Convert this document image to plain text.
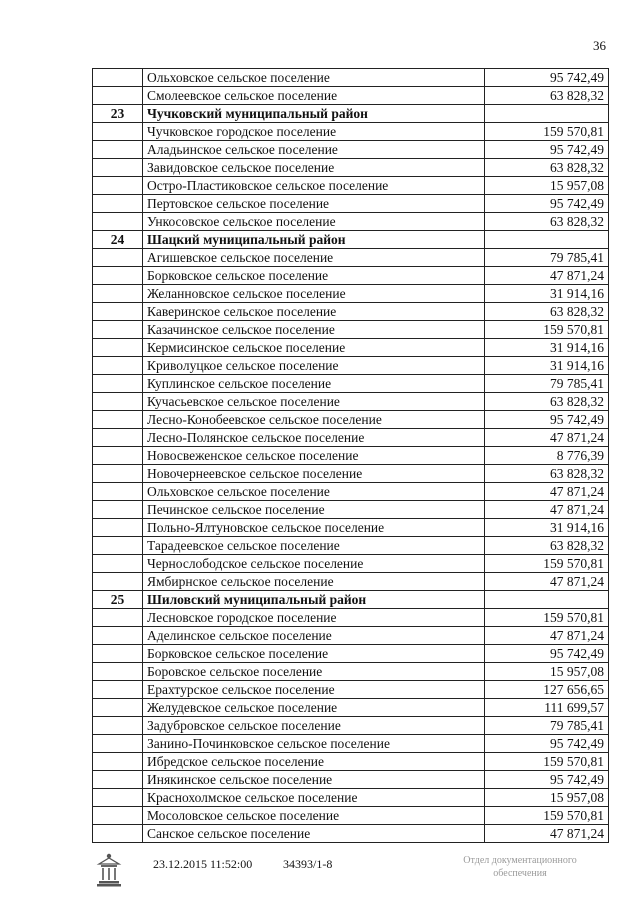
36
	Ольховское сельское поселение	95 742,49
	Смолеевское сельское поселение	63 828,32
23	Чучковский муниципальный район	
	Чучковское городское поселение	159 570,81
	Аладьинское сельское поселение	95 742,49
	Завидовское сельское поселение	63 828,32
	Остро-Пластиковское сельское поселение	15 957,08
	Пертовское сельское поселение	95 742,49
	Ункосовское сельское поселение	63 828,32
24	Шацкий муниципальный район	
	Агишевское сельское поселение	79 785,41
	Борковское сельское поселение	47 871,24
	Желанновское сельское поселение	31 914,16
	Каверинское сельское поселение	63 828,32
	Казачинское сельское поселение	159 570,81
	Кермисинское сельское поселение	31 914,16
	Криволуцкое сельское поселение	31 914,16
	Куплинское сельское поселение	79 785,41
	Кучасьевское сельское поселение	63 828,32
	Лесно-Конобеевское сельское поселение	95 742,49
	Лесно-Полянское сельское поселение	47 871,24
	Новосвеженское сельское поселение	8 776,39
	Новочернеевское сельское поселение	63 828,32
	Ольховское сельское поселение	47 871,24
	Печинское сельское поселение	47 871,24
	Польно-Ялтуновское сельское поселение	31 914,16
	Тарадеевское сельское поселение	63 828,32
	Чернослободское сельское поселение	159 570,81
	Ямбирнское сельское поселение	47 871,24
25	Шиловский муниципальный район	
	Лесновское городское поселение	159 570,81
	Аделинское сельское поселение	47 871,24
	Борковское сельское поселение	95 742,49
	Боровское сельское поселение	15 957,08
	Ерахтурское сельское поселение	127 656,65
	Желудевское сельское поселение	111 699,57
	Задубровское сельское поселение	79 785,41
	Занино-Починковское сельское поселение	95 742,49
	Ибредское сельское поселение	159 570,81
	Инякинское сельское поселение	95 742,49
	Краснохолмское сельское поселение	15 957,08
	Мосоловское сельское поселение	159 570,81
	Санское сельское поселение	47 871,24
23.12.2015 11:52:00	34393/1-8	Отдел документационного
обеспечения
